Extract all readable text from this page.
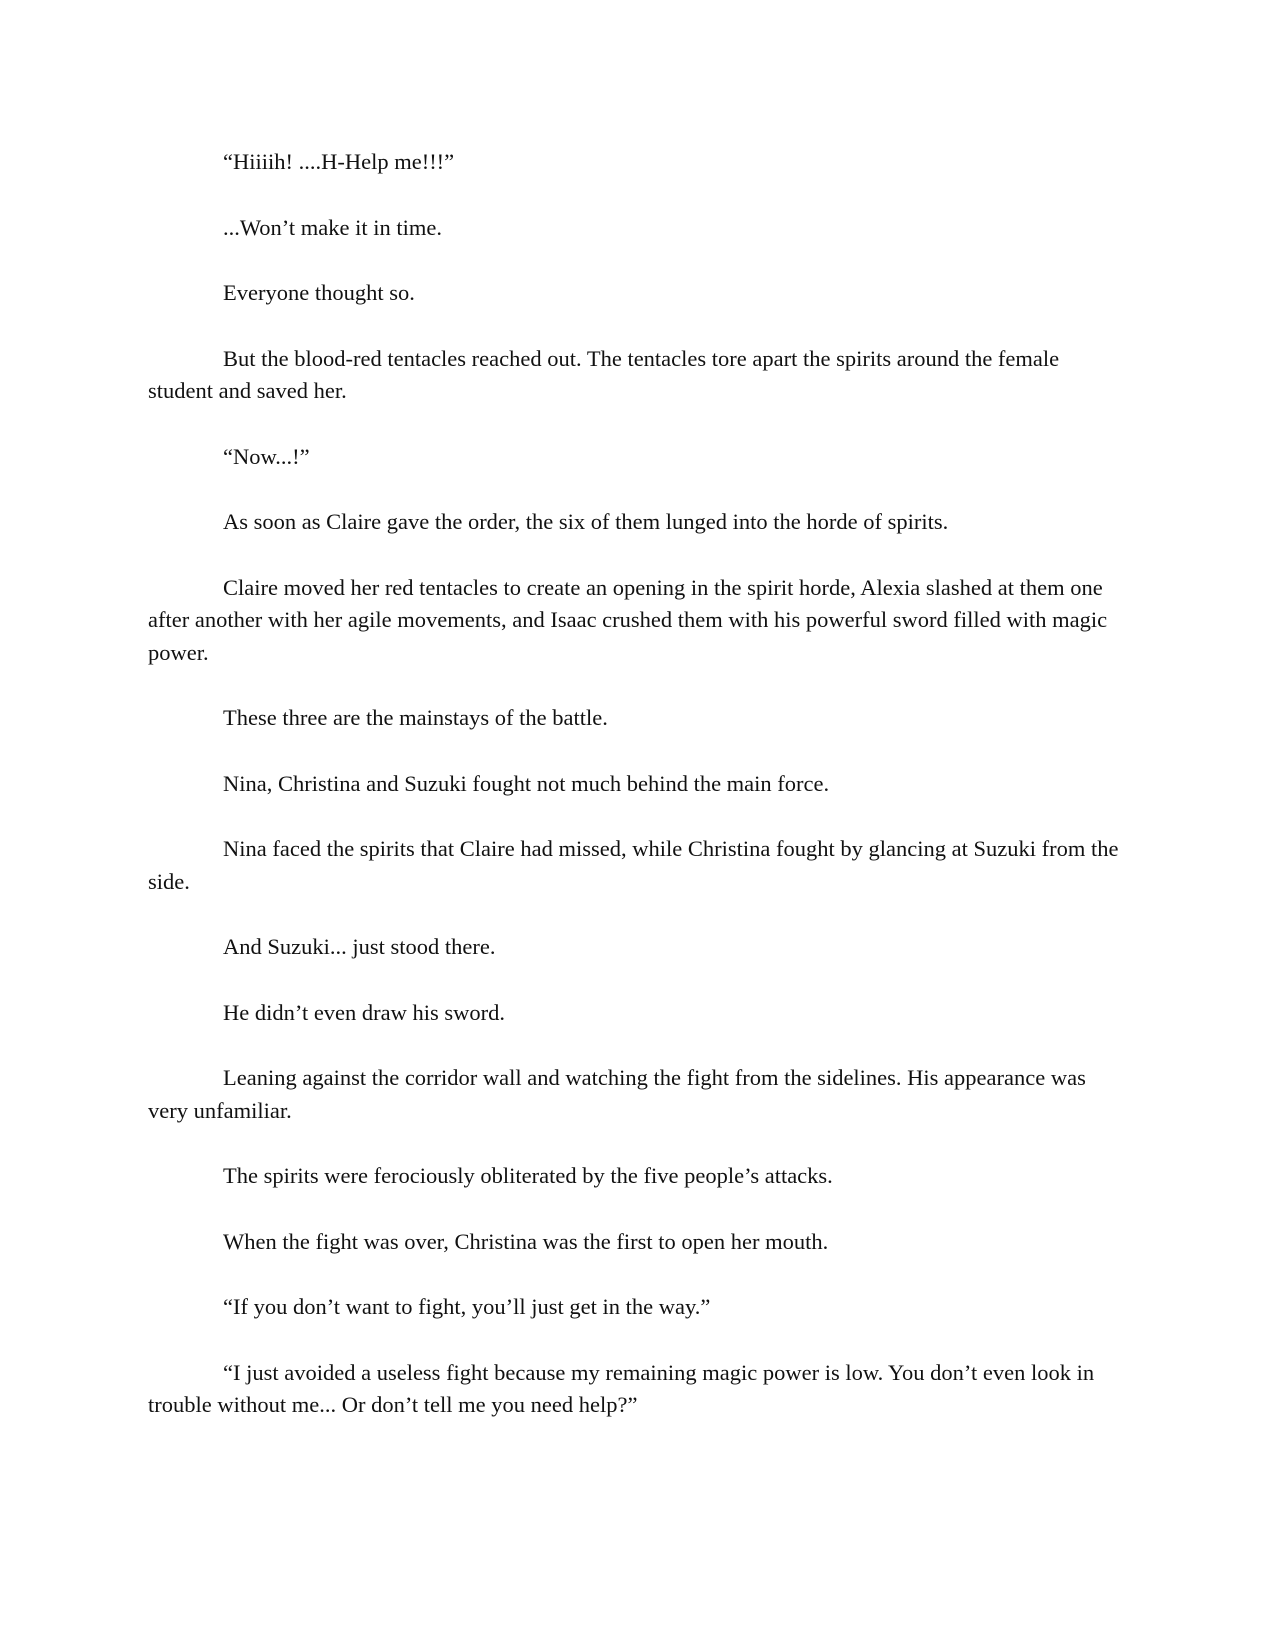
“Hiiiih! ....H-Help me!!!”

...Won’t make it in time.

Everyone thought so.

But the blood-red tentacles reached out. The tentacles tore apart the spirits around the female student and saved her.

“Now...!”

As soon as Claire gave the order, the six of them lunged into the horde of spirits.

Claire moved her red tentacles to create an opening in the spirit horde, Alexia slashed at them one after another with her agile movements, and Isaac crushed them with his powerful sword filled with magic power.

These three are the mainstays of the battle.

Nina, Christina and Suzuki fought not much behind the main force.

Nina faced the spirits that Claire had missed, while Christina fought by glancing at Suzuki from the side.

And Suzuki... just stood there.

He didn’t even draw his sword.

Leaning against the corridor wall and watching the fight from the sidelines. His appearance was very unfamiliar.

The spirits were ferociously obliterated by the five people’s attacks.

When the fight was over, Christina was the first to open her mouth.

“If you don’t want to fight, you’ll just get in the way.”

“I just avoided a useless fight because my remaining magic power is low. You don’t even look in trouble without me... Or don’t tell me you need help?”
